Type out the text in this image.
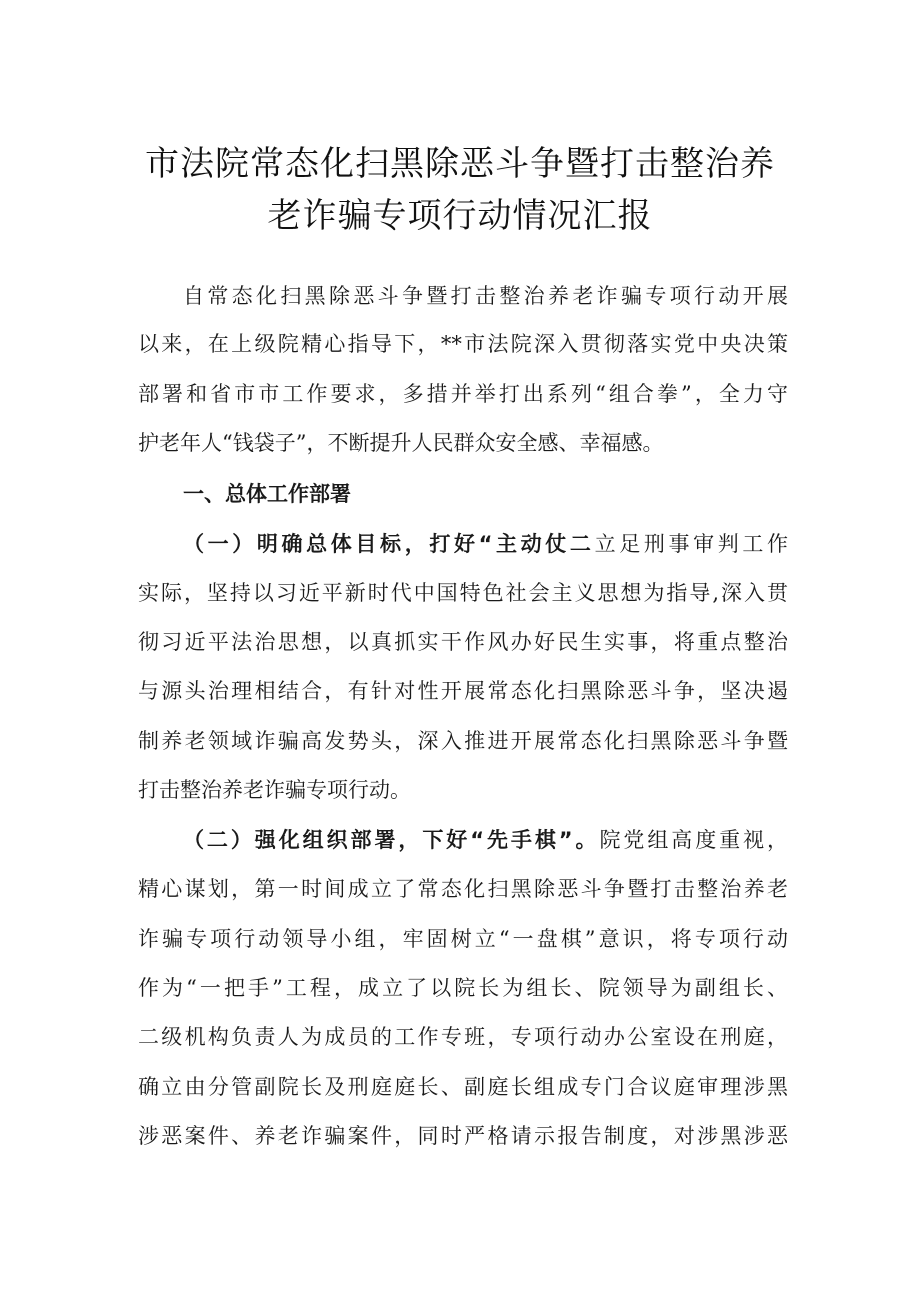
市法院常态化扫黑除恶斗争暨打击整治养
老诈骗专项行动情况汇报
自常态化扫黑除恶斗争暨打击整治养老诈骗专项行动开展
以来，在上级院精心指导下，**市法院深入贯彻落实党中央决策
部署和省市市工作要求，多措并举打出系列“组合拳”，全力守
护老年人“钱袋子”，不断提升人民群众安全感、幸福感。
一、总体工作部署
（一）明确总体目标，打好“主动仗二立足刑事审判工作
实际，坚持以习近平新时代中国特色社会主义思想为指导,深入贯
彻习近平法治思想，以真抓实干作风办好民生实事，将重点整治
与源头治理相结合，有针对性开展常态化扫黑除恶斗争，坚决遏
制养老领域诈骗高发势头，深入推进开展常态化扫黑除恶斗争暨
打击整治养老诈骗专项行动。
（二）强化组织部署，下好“先手棋”。院党组高度重视，
精心谋划，第一时间成立了常态化扫黑除恶斗争暨打击整治养老
诈骗专项行动领导小组，牢固树立“一盘棋”意识，将专项行动
作为“一把手”工程，成立了以院长为组长、院领导为副组长、
二级机构负责人为成员的工作专班，专项行动办公室设在刑庭，
确立由分管副院长及刑庭庭长、副庭长组成专门合议庭审理涉黑
涉恶案件、养老诈骗案件，同时严格请示报告制度，对涉黑涉恶
